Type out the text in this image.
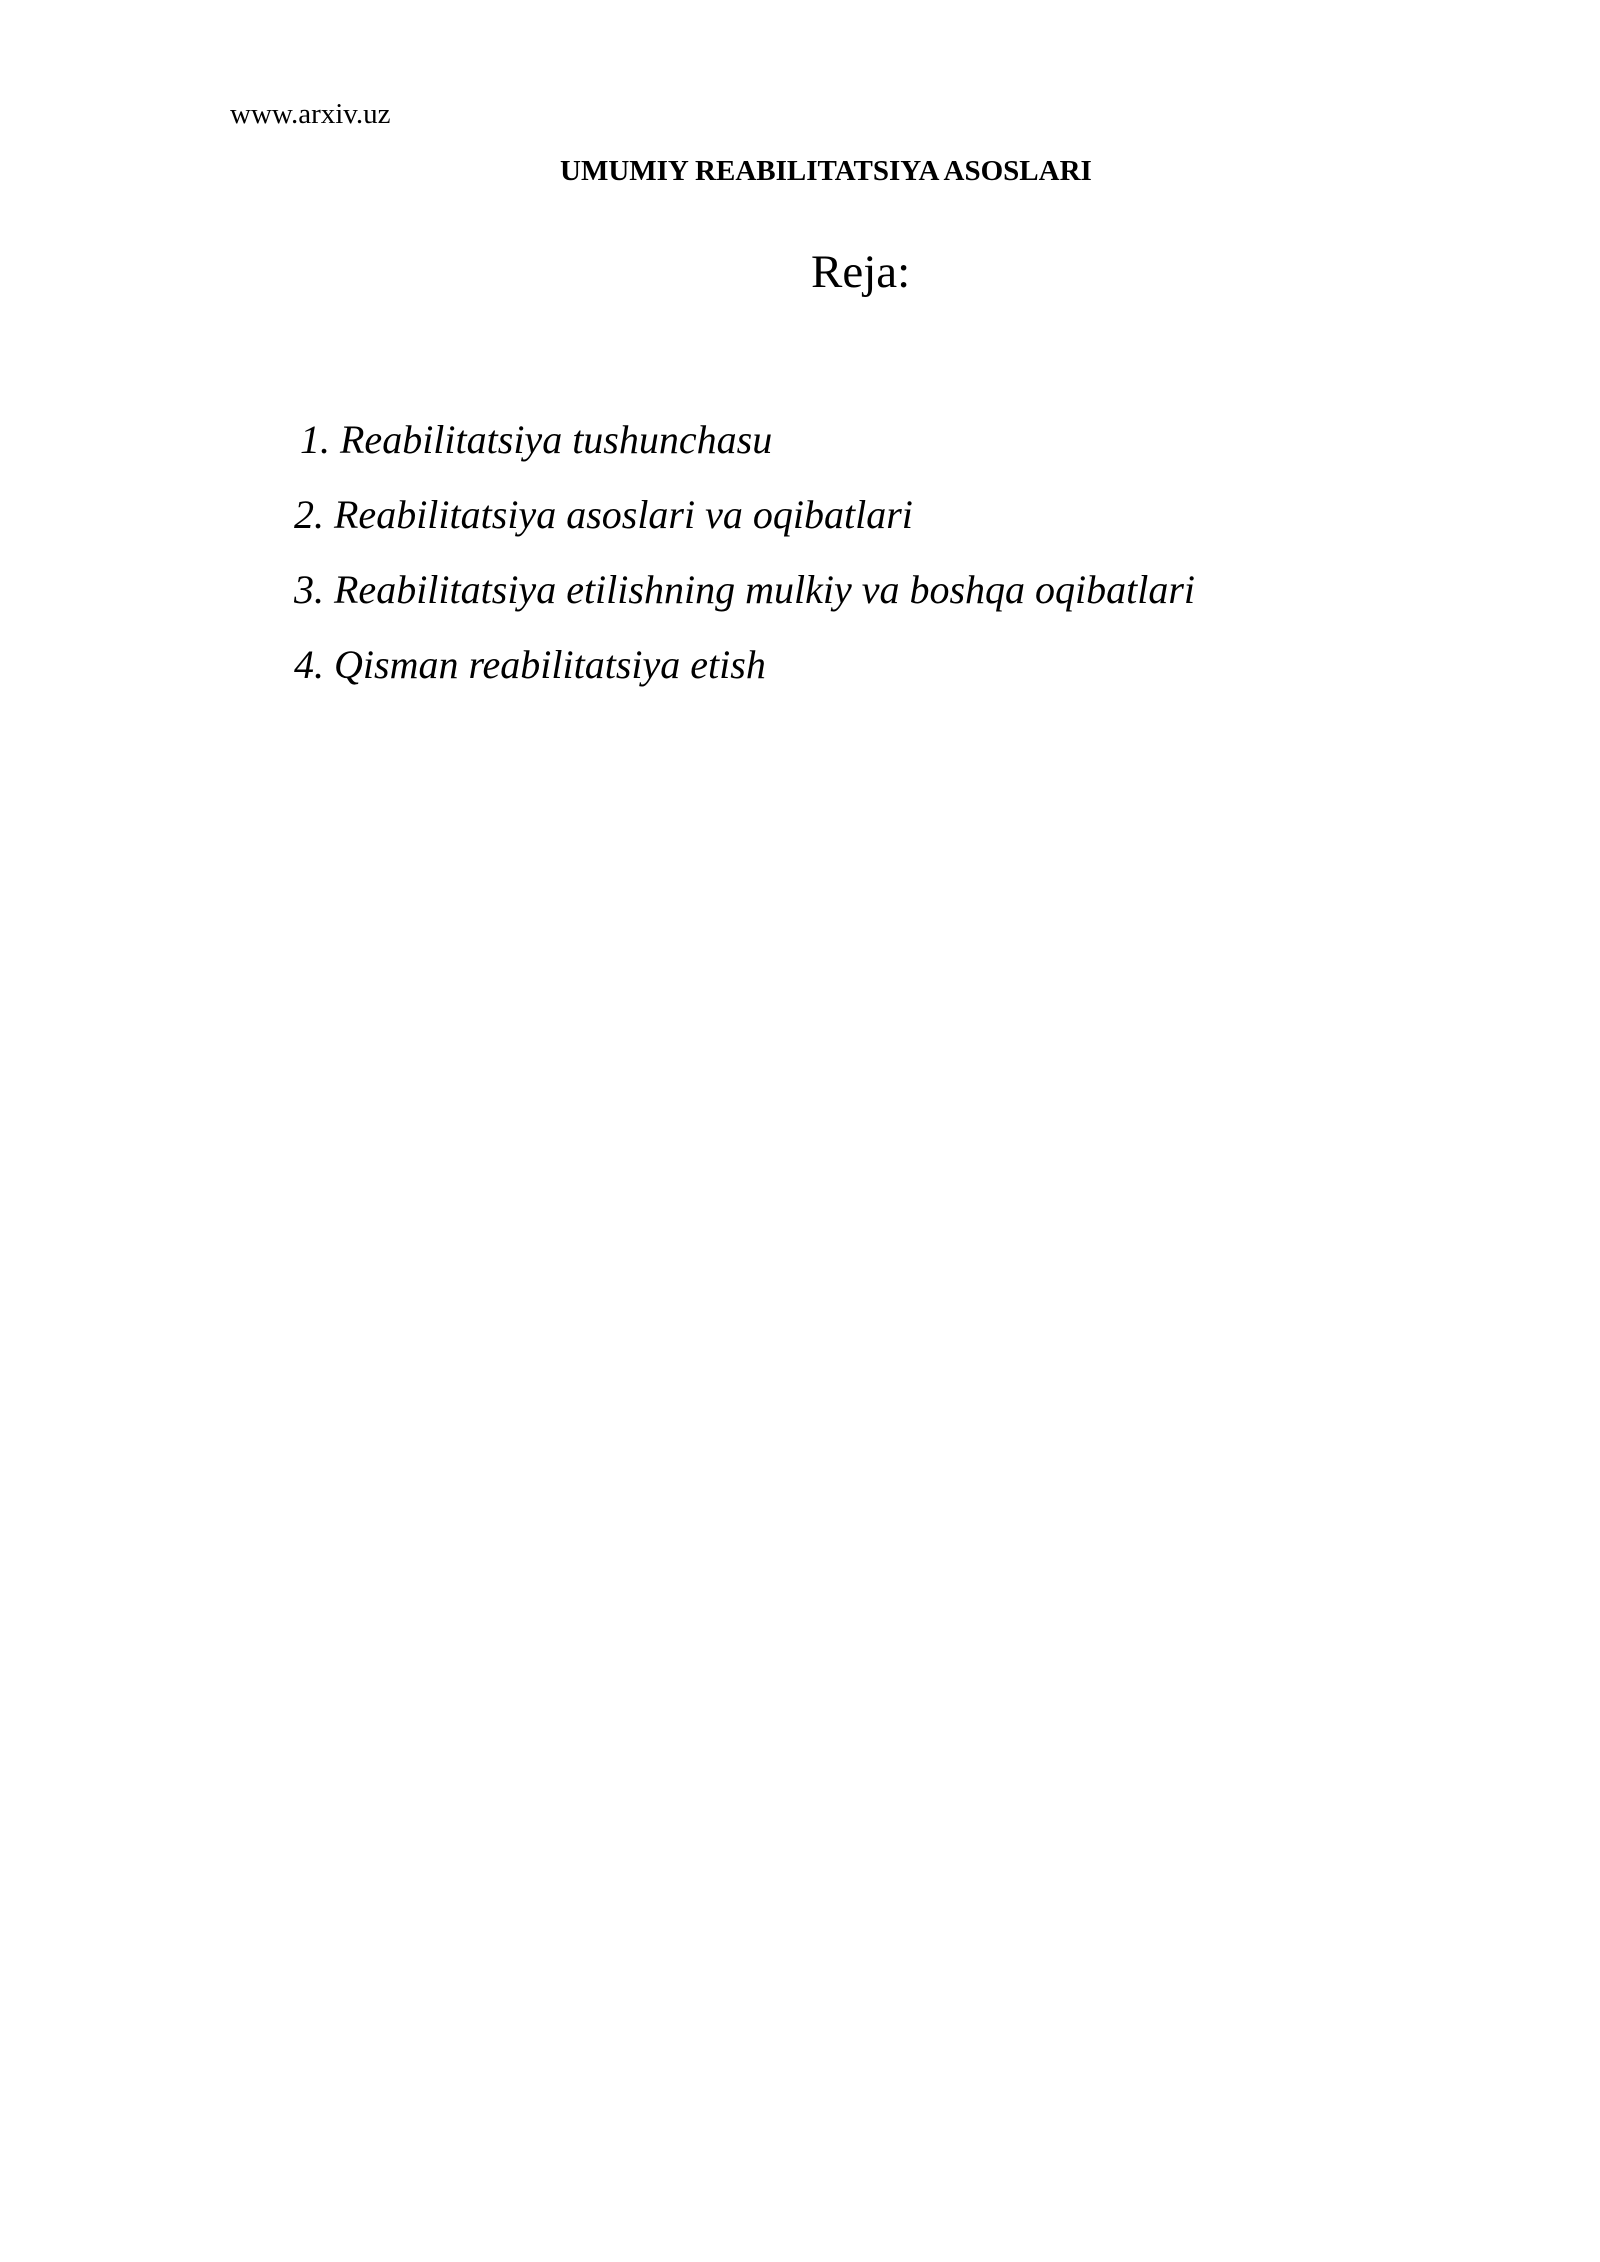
www.arxiv.uz
UMUMIY REABILITATSIYA ASOSLARI
Reja:
1. Reabilitatsiya tushunchasu
2. Reabilitatsiya asoslari va oqibatlari
3. Reabilitatsiya etilishning mulkiy va boshqa oqibatlari
4. Qisman reabilitatsiya etish
